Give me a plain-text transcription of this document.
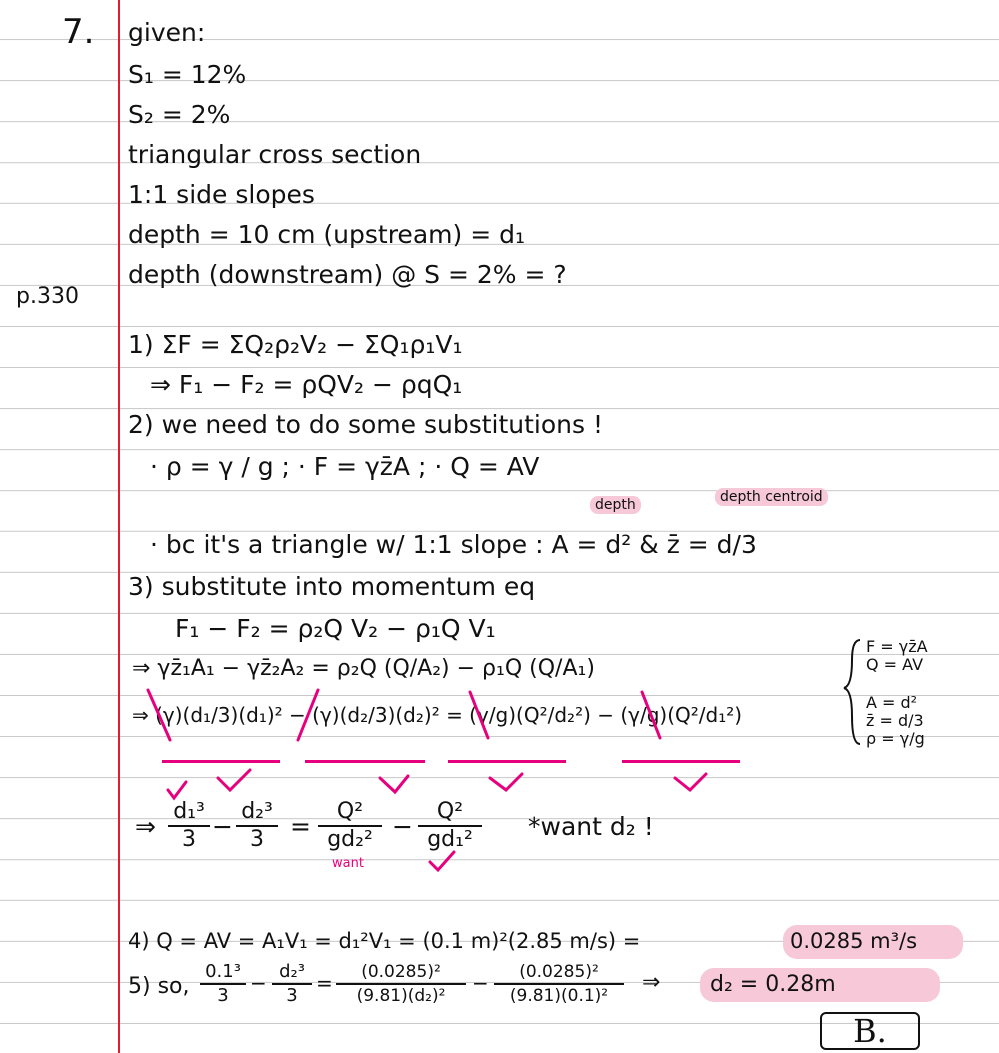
7.
p.330
given:
S₁ = 12%
S₂ = 2%
triangular cross section
1:1 side slopes
depth = 10 cm (upstream) = d₁
depth (downstream) @ S = 2% = ?
1) ΣF = ΣQ₂ρ₂V₂ − ΣQ₁ρ₁V₁
⇒ F₁ − F₂ = ρQV₂ − ρqQ₁
2) we need to do some substitutions !
· ρ = γ / g ; · F = γz̄A ; · Q = AV
depth	depth centroid
· bc it's a triangle w/ 1:1 slope : A = d² & z̄ = d/3
3) substitute into momentum eq
F₁ − F₂ = ρ₂Q V₂ − ρ₁Q V₁
⇒ γz̄₁A₁ − γz̄₂A₂ = ρ₂Q (Q/A₂) − ρ₁Q (Q/A₁)
⇒ (γ)(d₁/3)(d₁)² − (γ)(d₂/3)(d₂)² = (γ/g)(Q²/d₂²) − (γ/g)(Q²/d₁²)
F = γz̄A
Q = AV
A = d²
z̄ = d/3
ρ = γ/g
⇒
d₁³
3 −
d₂³
3	=
Q²
gd₂²
want
−
Q²
gd₁²	*want d₂ !
4) Q = AV = A₁V₁ = d₁²V₁ = (0.1 m)²(2.85 m/s) =	0.0285 m³/s
5) so,
0.1³
3
− d₂³
3
=	(0.0285)²
(9.81)(d₂)²
−	(0.0285)²
(9.81)(0.1)²
⇒ d₂ = 0.28m
B.
